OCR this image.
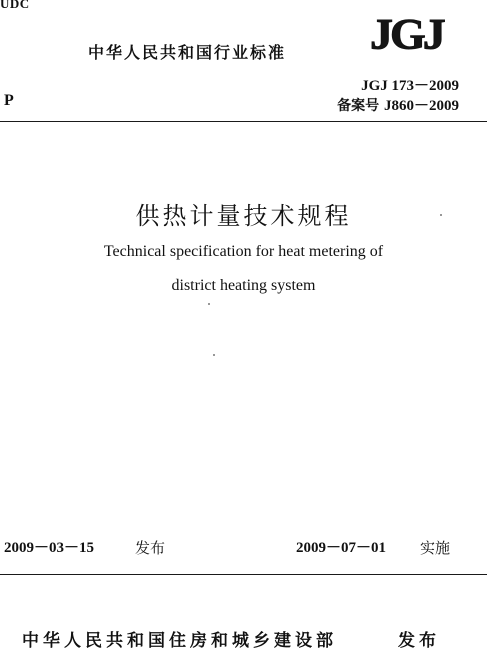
UDC
中华人民共和国行业标准 JGJ
P
JGJ 173－2009
备案号 J860－2009
供热计量技术规程
Technical specification for heat metering of
district heating system
2009－03－15	发布	2009－07－01 实施
中华人民共和国住房和城乡建设部	发布
